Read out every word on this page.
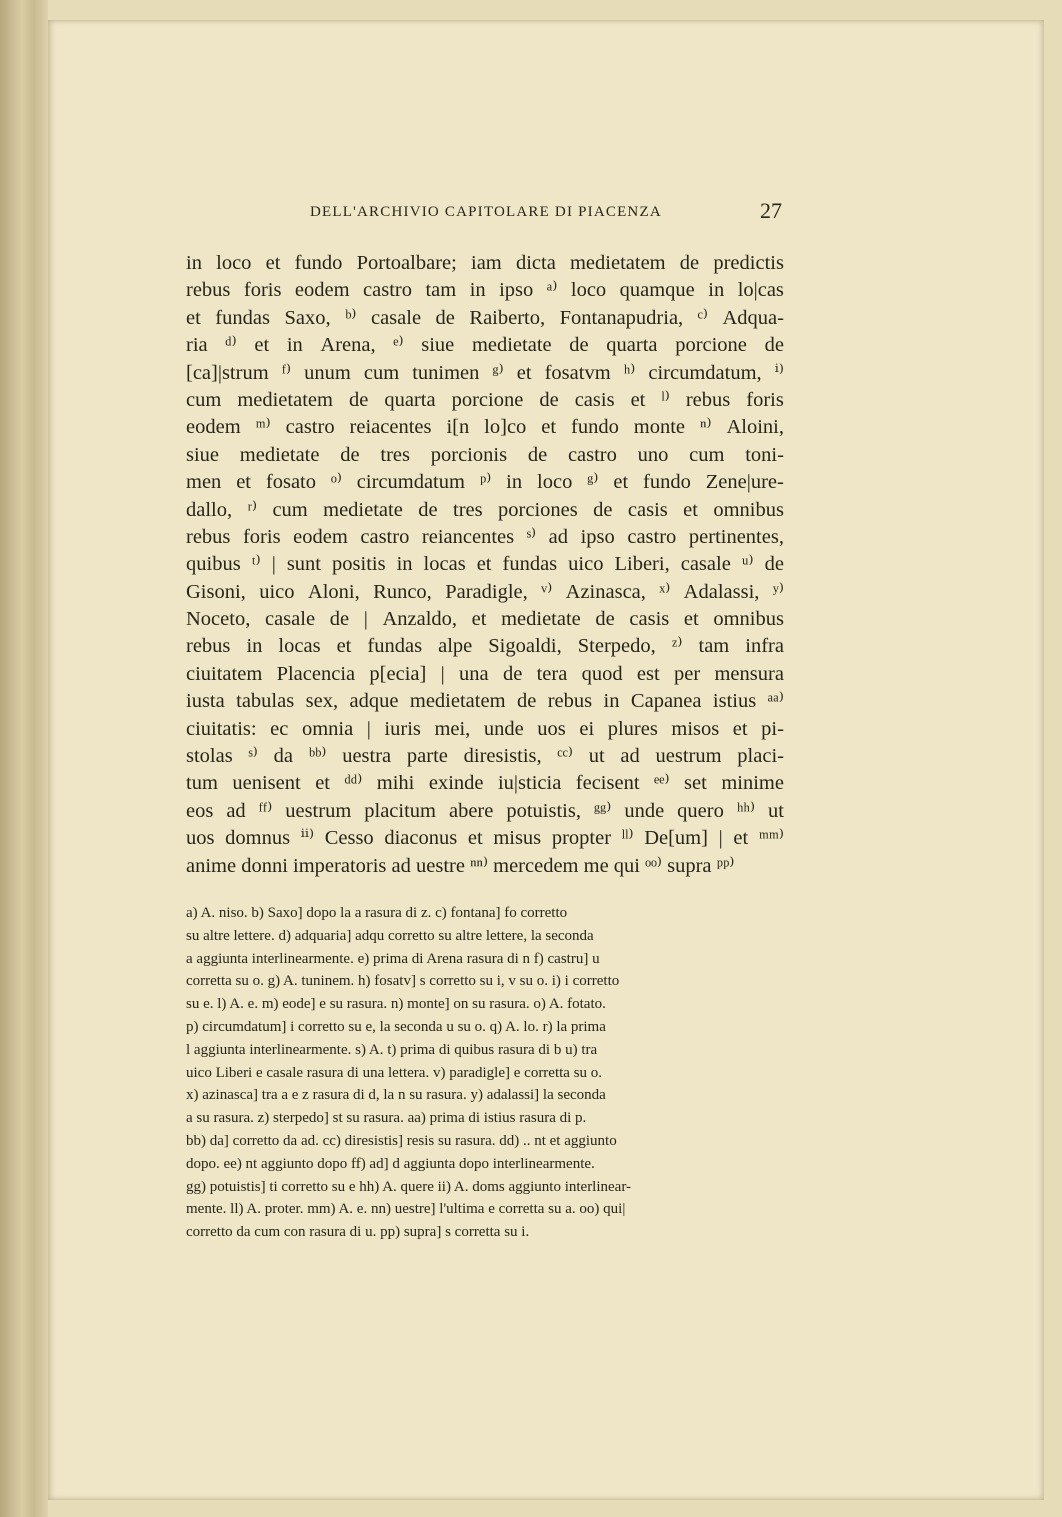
DELL'ARCHIVIO CAPITOLARE DI PIACENZA	27
in loco et fundo Portoalbare; iam dicta medietatem de predictis
rebus foris eodem castro tam in ipso ᵃ⁾ loco quamque in lo|cas
et fundas Saxo, ᵇ⁾ casale de Raiberto, Fontanapudria, ᶜ⁾ Adqua-
ria ᵈ⁾ et in Arena, ᵉ⁾ siue medietate de quarta porcione de
[ca]|strum ᶠ⁾ unum cum tunimen ᵍ⁾ et fosatvm ʰ⁾ circumdatum, ⁱ⁾
cum medietatem de quarta porcione de casis et ˡ⁾ rebus foris
eodem ᵐ⁾ castro reiacentes i[n lo]co et fundo monte ⁿ⁾ Aloini,
siue medietate de tres porcionis de castro uno cum toni-
men et fosato ᵒ⁾ circumdatum ᵖ⁾ in loco ᵍ⁾ et fundo Zene|ure-
dallo, ʳ⁾ cum medietate de tres porciones de casis et omnibus
rebus foris eodem castro reiancentes ˢ⁾ ad ipso castro pertinentes,
quibus ᵗ⁾ | sunt positis in locas et fundas uico Liberi, casale ᵘ⁾ de
Gisoni, uico Aloni, Runco, Paradigle, ᵛ⁾ Azinasca, ˣ⁾ Adalassi, ʸ⁾
Noceto, casale de | Anzaldo, et medietate de casis et omnibus
rebus in locas et fundas alpe Sigoaldi, Sterpedo, ᶻ⁾ tam infra
ciuitatem Placencia p[ecia] | una de tera quod est per mensura
iusta tabulas sex, adque medietatem de rebus in Capanea istius ᵃᵃ⁾
ciuitatis: ec omnia | iuris mei, unde uos ei plures misos et pi-
stolas ˢ⁾ da ᵇᵇ⁾ uestra parte diresistis, ᶜᶜ⁾ ut ad uestrum placi-
tum uenisent et ᵈᵈ⁾ mihi exinde iu|sticia fecisent ᵉᵉ⁾ set minime
eos ad ᶠᶠ⁾ uestrum placitum abere potuistis, ᵍᵍ⁾ unde quero ʰʰ⁾ ut
uos domnus ⁱⁱ⁾ Cesso diaconus et misus propter ˡˡ⁾ De[um] | et ᵐᵐ⁾
anime donni imperatoris ad uestre ⁿⁿ⁾ mercedem me qui ᵒᵒ⁾ supra ᵖᵖ⁾
a) A. niso. b) Saxo] dopo la a rasura di z. c) fontana] fo corretto
su altre lettere. d) adquaria] adqu corretto su altre lettere, la seconda
a aggiunta interlinearmente. e) prima di Arena rasura di n f) castru] u
corretta su o. g) A. tuninem. h) fosatv] s corretto su i, v su o. i) i corretto
su e. l) A. e. m) eode] e su rasura. n) monte] on su rasura. o) A. fotato.
p) circumdatum] i corretto su e, la seconda u su o. q) A. lo. r) la prima
l aggiunta interlinearmente. s) A. t) prima di quibus rasura di b u) tra
uico Liberi e casale rasura di una lettera. v) paradigle] e corretta su o.
x) azinasca] tra a e z rasura di d, la n su rasura. y) adalassi] la seconda
a su rasura. z) sterpedo] st su rasura. aa) prima di istius rasura di p.
bb) da] corretto da ad. cc) diresistis] resis su rasura. dd) .. nt et aggiunto
dopo. ee) nt aggiunto dopo ff) ad] d aggiunta dopo interlinearmente.
gg) potuistis] ti corretto su e hh) A. quere ii) A. doms aggiunto interlinear-
mente. ll) A. proter. mm) A. e. nn) uestre] l'ultima e corretta su a. oo) qui|
corretto da cum con rasura di u. pp) supra] s corretta su i.
